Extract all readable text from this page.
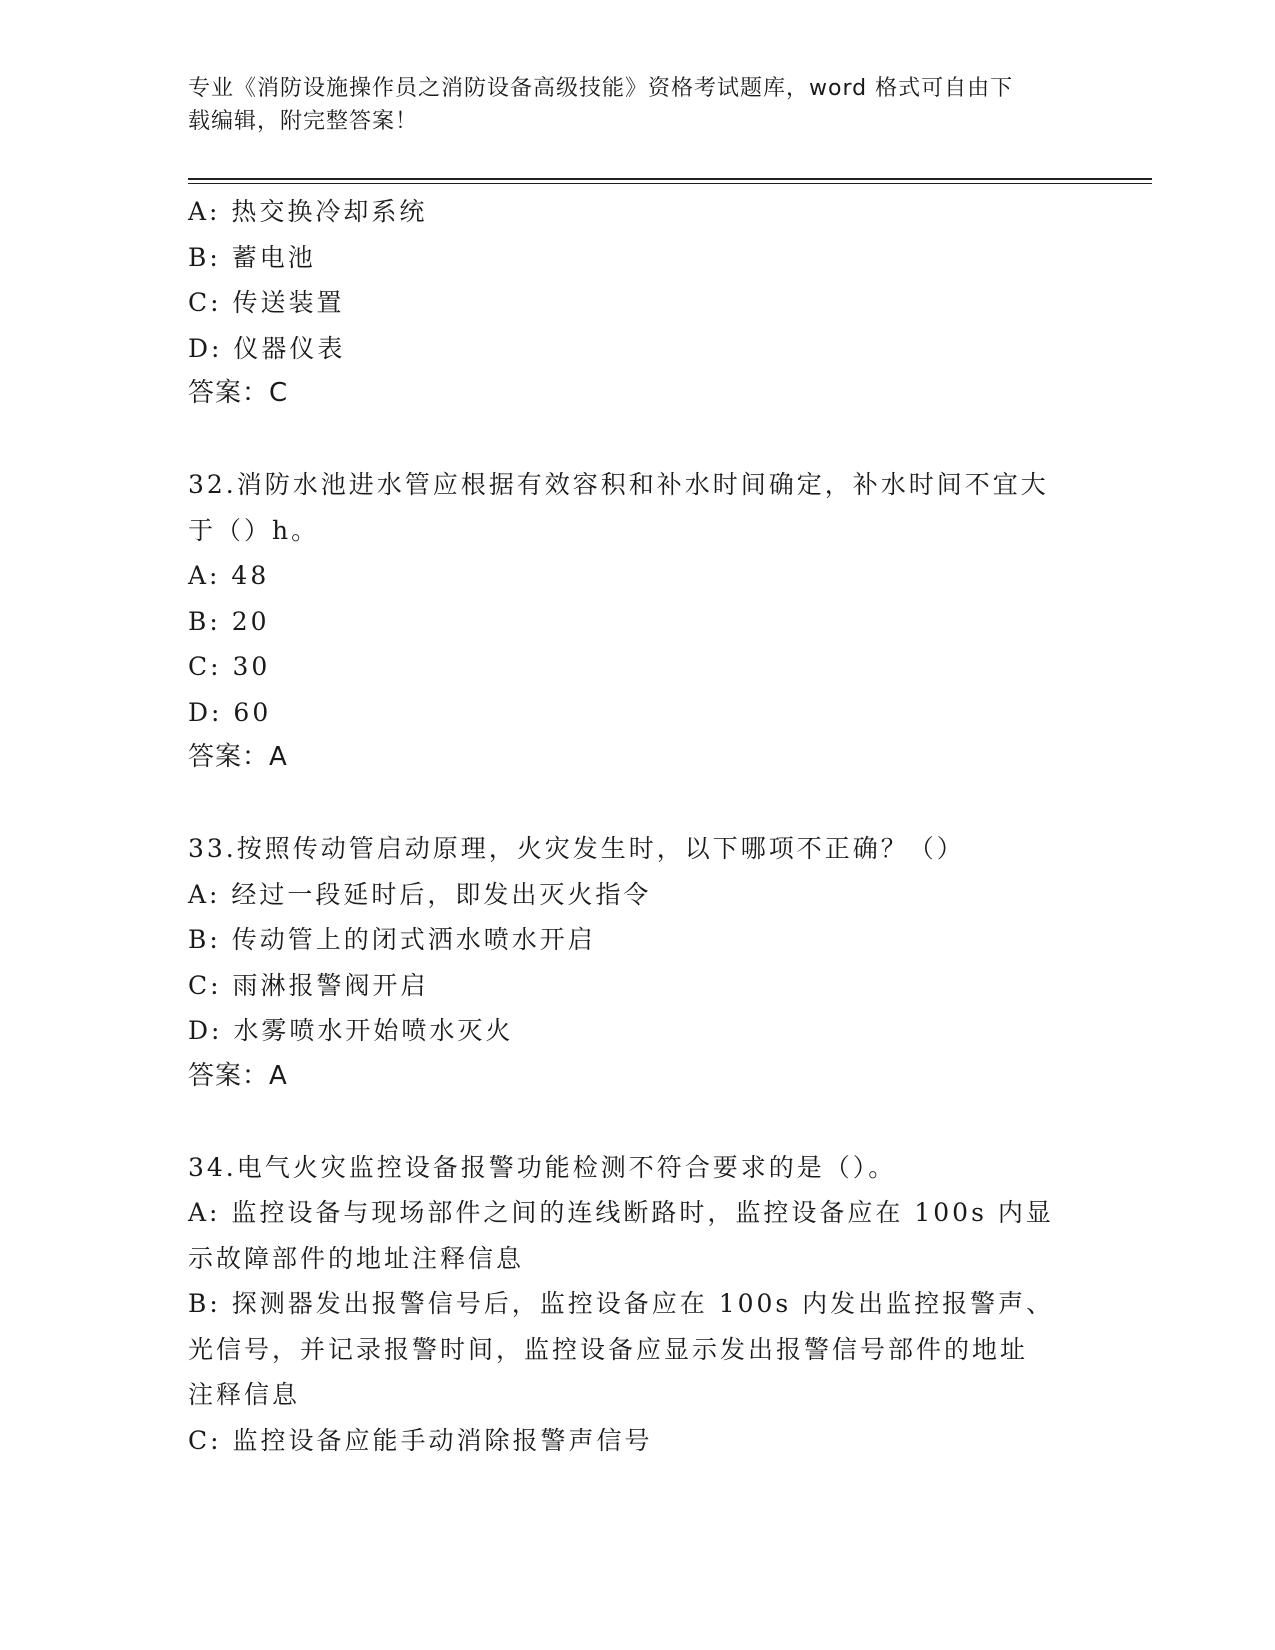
专业《消防设施操作员之消防设备高级技能》资格考试题库，word 格式可自由下
载编辑，附完整答案！
A: 热交换冷却系统
B: 蓄电池
C: 传送装置
D: 仪器仪表
答案：C
32.消防水池进水管应根据有效容积和补水时间确定，补水时间不宜大
于（）h。
A: 48
B: 20
C: 30
D: 60
答案：A
33.按照传动管启动原理，火灾发生时，以下哪项不正确？（）
A: 经过一段延时后，即发出灭火指令
B: 传动管上的闭式洒水喷水开启
C: 雨淋报警阀开启
D: 水雾喷水开始喷水灭火
答案：A
34.电气火灾监控设备报警功能检测不符合要求的是（）。
A: 监控设备与现场部件之间的连线断路时，监控设备应在 100s 内显
示故障部件的地址注释信息
B: 探测器发出报警信号后，监控设备应在 100s 内发出监控报警声、
光信号，并记录报警时间，监控设备应显示发出报警信号部件的地址
注释信息
C: 监控设备应能手动消除报警声信号
